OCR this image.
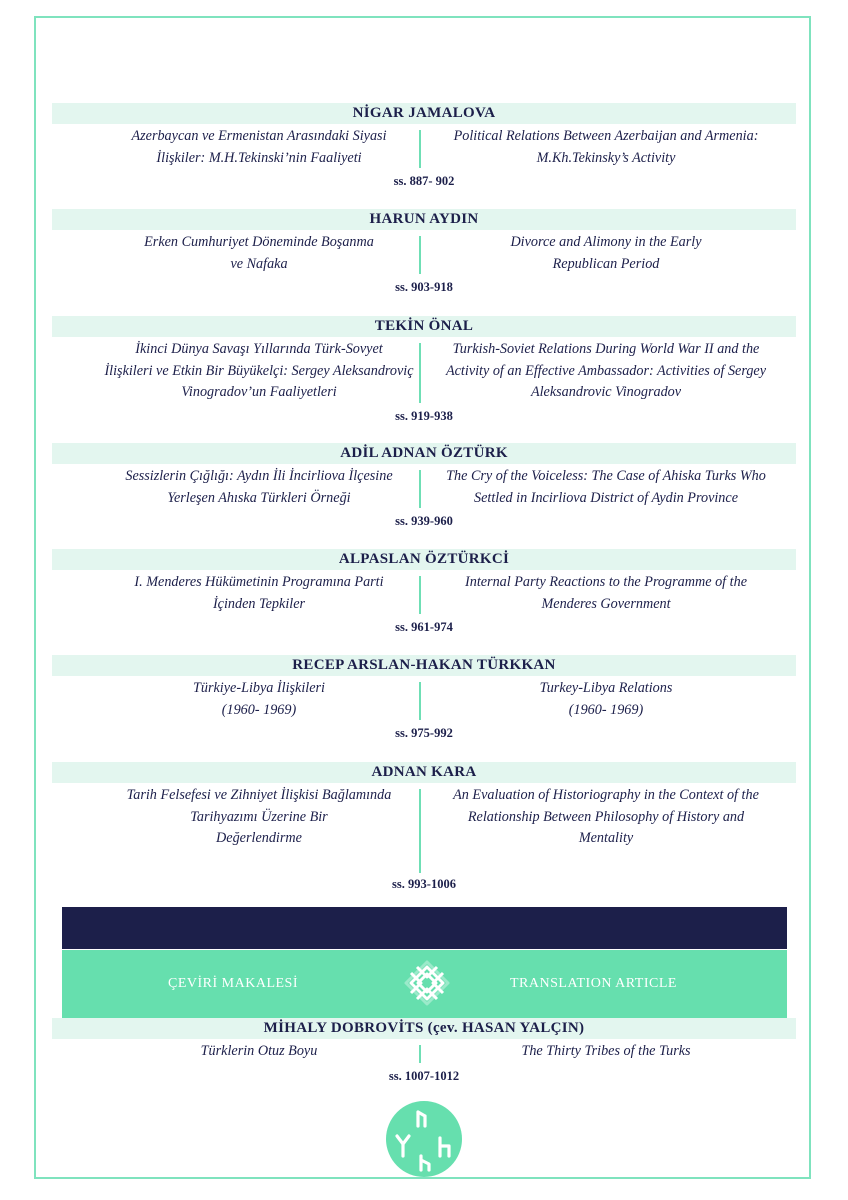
NİGAR JAMALOVA
Azerbaycan ve Ermenistan Arasındaki Siyasi
İlişkiler: M.H.Tekinski’nin Faaliyeti
Political Relations Between Azerbaijan and Armenia:
M.Kh.Tekinsky’s Activity
ss. 887- 902
HARUN AYDIN
Erken Cumhuriyet Döneminde Boşanma
ve Nafaka
Divorce and Alimony in the Early
Republican Period
ss. 903-918
TEKİN ÖNAL
İkinci Dünya Savaşı Yıllarında Türk-Sovyet
İlişkileri ve Etkin Bir Büyükelçi: Sergey Aleksandroviç
Vinogradov’un Faaliyetleri
Turkish-Soviet Relations During World War II and the
Activity of an Effective Ambassador: Activities of Sergey
Aleksandrovic Vinogradov
ss. 919-938
ADİL ADNAN ÖZTÜRK
Sessizlerin Çığlığı: Aydın İli İncirliova İlçesine
Yerleşen Ahıska Türkleri Örneği
The Cry of the Voiceless: The Case of Ahiska Turks Who
Settled in Incirliova District of Aydin Province
ss. 939-960
ALPASLAN ÖZTÜRKCİ
I. Menderes Hükümetinin Programına Parti
İçinden Tepkiler
Internal Party Reactions to the Programme of the
Menderes Government
ss. 961-974
RECEP ARSLAN-HAKAN TÜRKKAN
Türkiye-Libya İlişkileri
(1960- 1969)
Turkey-Libya Relations
(1960- 1969)
ss. 975-992
ADNAN KARA
Tarih Felsefesi ve Zihniyet İlişkisi Bağlamında
Tarihyazımı Üzerine Bir
Değerlendirme
An Evaluation of Historiography in the Context of the
Relationship Between Philosophy of History and
Mentality
ss. 993-1006
ÇEVİRİ MAKALESİ	TRANSLATION ARTICLE
MİHALY DOBROVİTS (çev. HASAN YALÇIN)
Türklerin Otuz Boyu	The Thirty Tribes of the Turks
ss. 1007-1012
